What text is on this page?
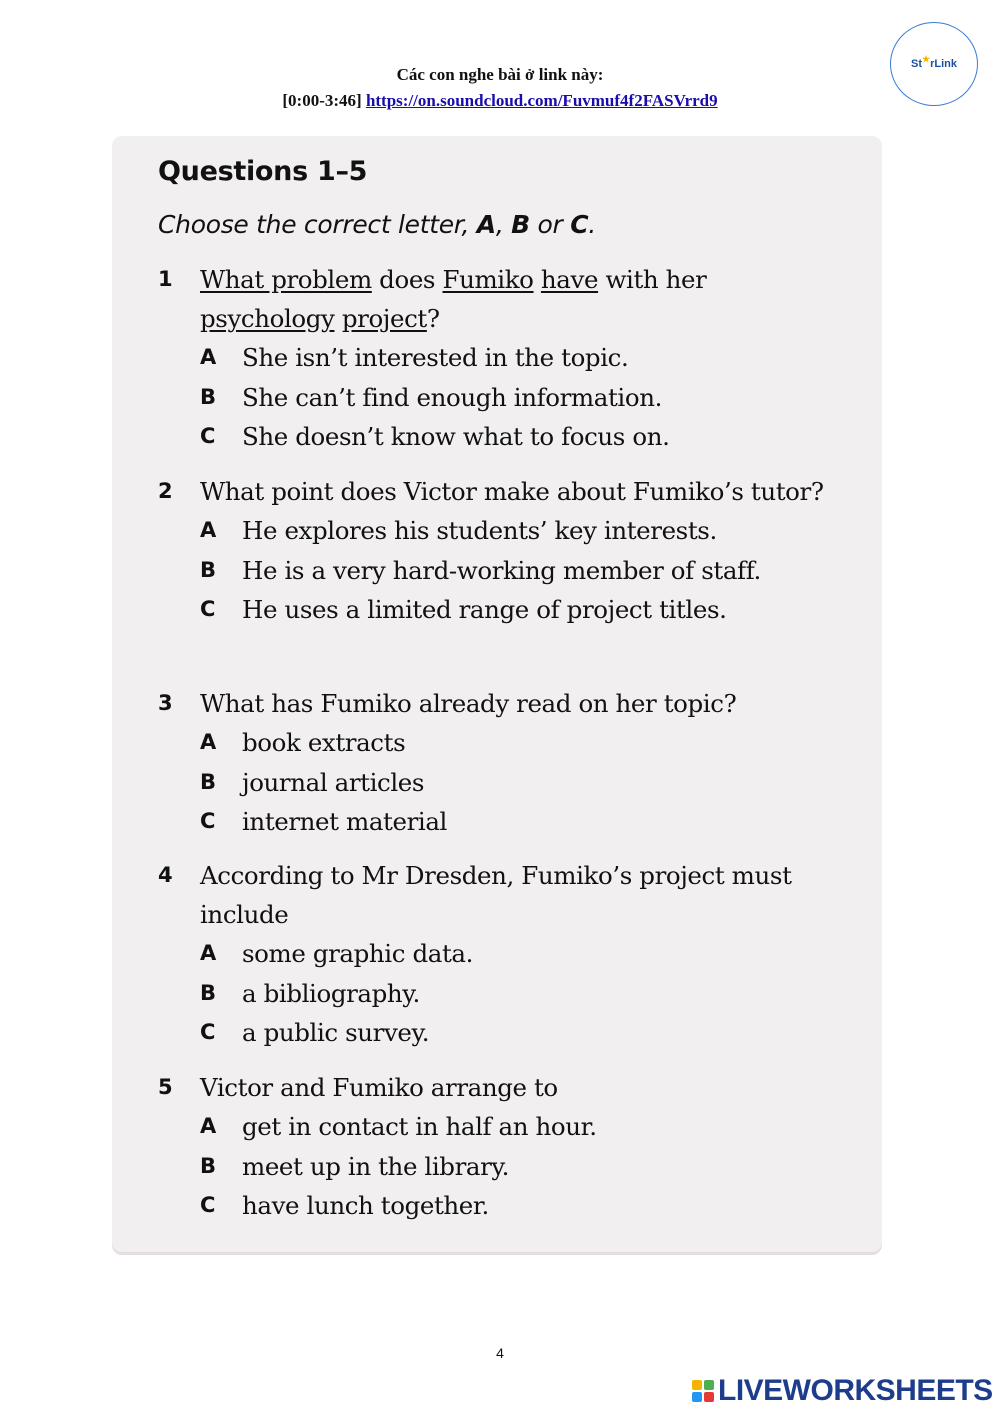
Các con nghe bài ở link này:
[0:00-3:46] https://on.soundcloud.com/Fuvmuf4f2FASVrrd9
St ★ rLink
Questions 1–5
Choose the correct letter, A, B or C.
1 What problem does Fumiko have with her
psychology project?
A She isn’t interested in the topic.
B She can’t find enough information.
C She doesn’t know what to focus on.
2 What point does Victor make about Fumiko’s tutor?
A He explores his students’ key interests.
B He is a very hard-working member of staff.
C He uses a limited range of project titles.
3 What has Fumiko already read on her topic?
A book extracts
B journal articles
C internet material
4 According to Mr Dresden, Fumiko’s project must include
A some graphic data.
B a bibliography.
C a public survey.
5 Victor and Fumiko arrange to
A get in contact in half an hour.
B meet up in the library.
C have lunch together.
4
LIVEWORKSHEETS
